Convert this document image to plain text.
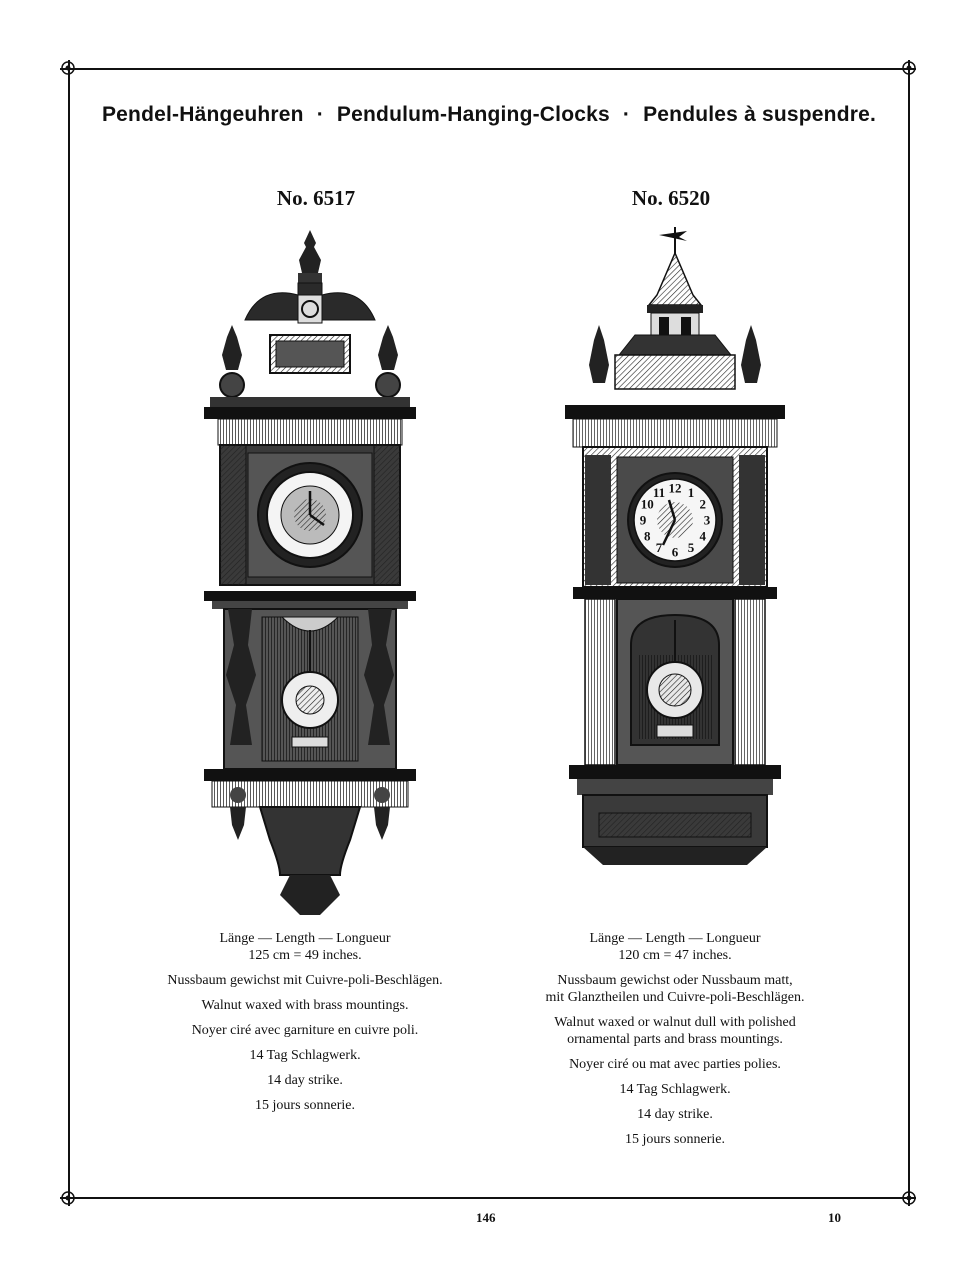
Pendel-Hängeuhren · Pendulum-Hanging-Clocks · Pendules à suspendre.
No. 6517	No. 6520
12 1
2
3
4
5
6
7
8
9
10
11
Länge — Length — Longueur
125 cm = 49 inches.
Nussbaum gewichst mit Cuivre-poli-Beschlägen.
Walnut waxed with brass mountings.
Noyer ciré avec garniture en cuivre poli.
14 Tag Schlagwerk.
14 day strike.
15 jours sonnerie.
Länge — Length — Longueur
120 cm = 47 inches.
Nussbaum gewichst oder Nussbaum matt,
mit Glanztheilen und Cuivre-poli-Beschlägen.
Walnut waxed or walnut dull with polished
ornamental parts and brass mountings.
Noyer ciré ou mat avec parties polies.
14 Tag Schlagwerk.
14 day strike.
15 jours sonnerie.
146	10
